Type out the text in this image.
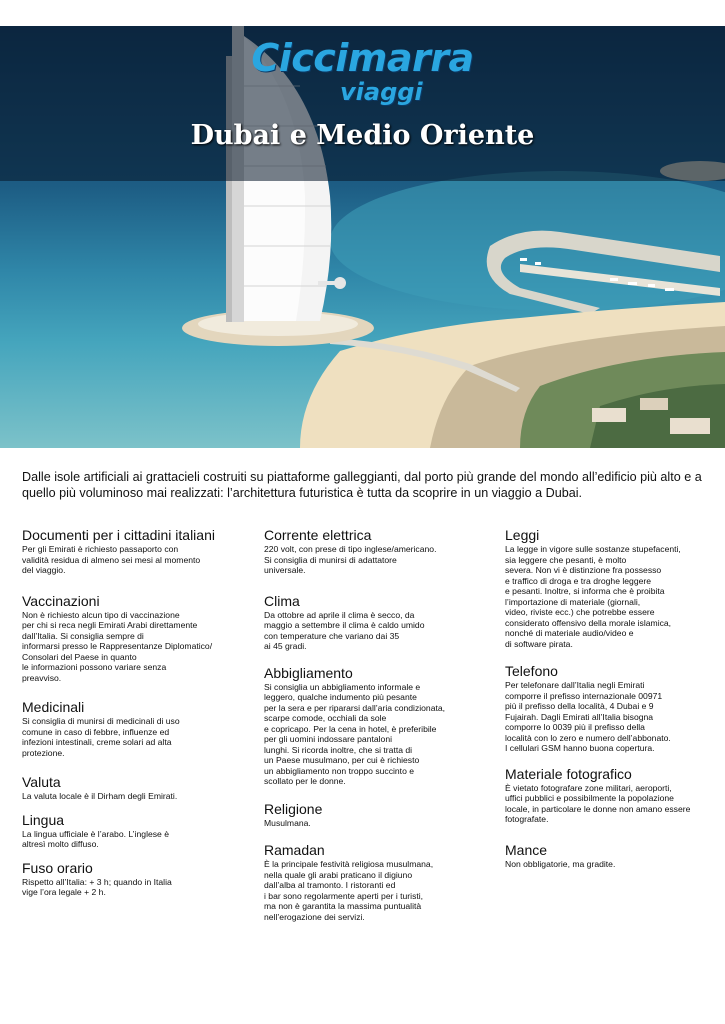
Ciccimarra
viaggi
Dubai e Medio Oriente
Dalle isole artificiali ai grattacieli costruiti su piattaforme galleggianti, dal porto più grande del mondo all’edificio più alto e a quello più voluminoso mai realizzati: l’architettura futuristica è tutta da scoprire in un viaggio a Dubai.
Documenti per i cittadini italiani

Per gli Emirati è richiesto passaporto con
validità residua di almeno sei mesi al momento
del viaggio.

Vaccinazioni

Non è richiesto alcun tipo di vaccinazione
per chi si reca negli Emirati Arabi direttamente
dall’Italia. Si consiglia sempre di
informarsi presso le Rappresentanze Diplomatico/
Consolari del Paese in quanto
le informazioni possono variare senza
preavviso.

Medicinali

Si consiglia di munirsi di medicinali di uso
comune in caso di febbre, influenze ed
infezioni intestinali, creme solari ad alta
protezione.

Valuta

La valuta locale è il Dirham degli Emirati.

Lingua

La lingua ufficiale è l’arabo. L’inglese è
altresì molto diffuso.

Fuso orario

Rispetto all’Italia: + 3 h; quando in Italia
vige l’ora legale + 2 h.

Corrente elettrica

220 volt, con prese di tipo inglese/americano.
Si consiglia di munirsi di adattatore
universale.

Clima

Da ottobre ad aprile il clima è secco, da
maggio a settembre il clima è caldo umido
con temperature che variano dai 35
ai 45 gradi.

Abbigliamento

Si consiglia un abbigliamento informale e
leggero, qualche indumento più pesante
per la sera e per ripararsi dall’aria condizionata,
scarpe comode, occhiali da sole
e copricapo. Per la cena in hotel, è preferibile
per gli uomini indossare pantaloni
lunghi. Si ricorda inoltre, che si tratta di
un Paese musulmano, per cui è richiesto
un abbigliamento non troppo succinto e
scollato per le donne.

Religione

Musulmana.

Ramadan

È la principale festività religiosa musulmana,
nella quale gli arabi praticano il digiuno
dall’alba al tramonto. I ristoranti ed
i bar sono regolarmente aperti per i turisti,
ma non è garantita la massima puntualità
nell’erogazione dei servizi.

Leggi

La legge in vigore sulle sostanze stupefacenti,
sia leggere che pesanti, è molto
severa. Non vi è distinzione fra possesso
e traffico di droga e tra droghe leggere
e pesanti. Inoltre, si informa che è proibita
l’importazione di materiale (giornali,
video, riviste ecc.) che potrebbe essere
considerato offensivo della morale islamica,
nonché di materiale audio/video e
di software pirata.

Telefono

Per telefonare dall’Italia negli Emirati
comporre il prefisso internazionale 00971
più il prefisso della località, 4 Dubai e 9
Fujairah. Dagli Emirati all’Italia bisogna
comporre lo 0039 più il prefisso della
località con lo zero e numero dell’abbonato.
I cellulari GSM hanno buona copertura.

Materiale fotografico

È vietato fotografare zone militari, aeroporti,
uffici pubblici e possibilmente la popolazione
locale, in particolare le donne non amano essere
fotografate.

Mance

Non obbligatorie, ma gradite.
